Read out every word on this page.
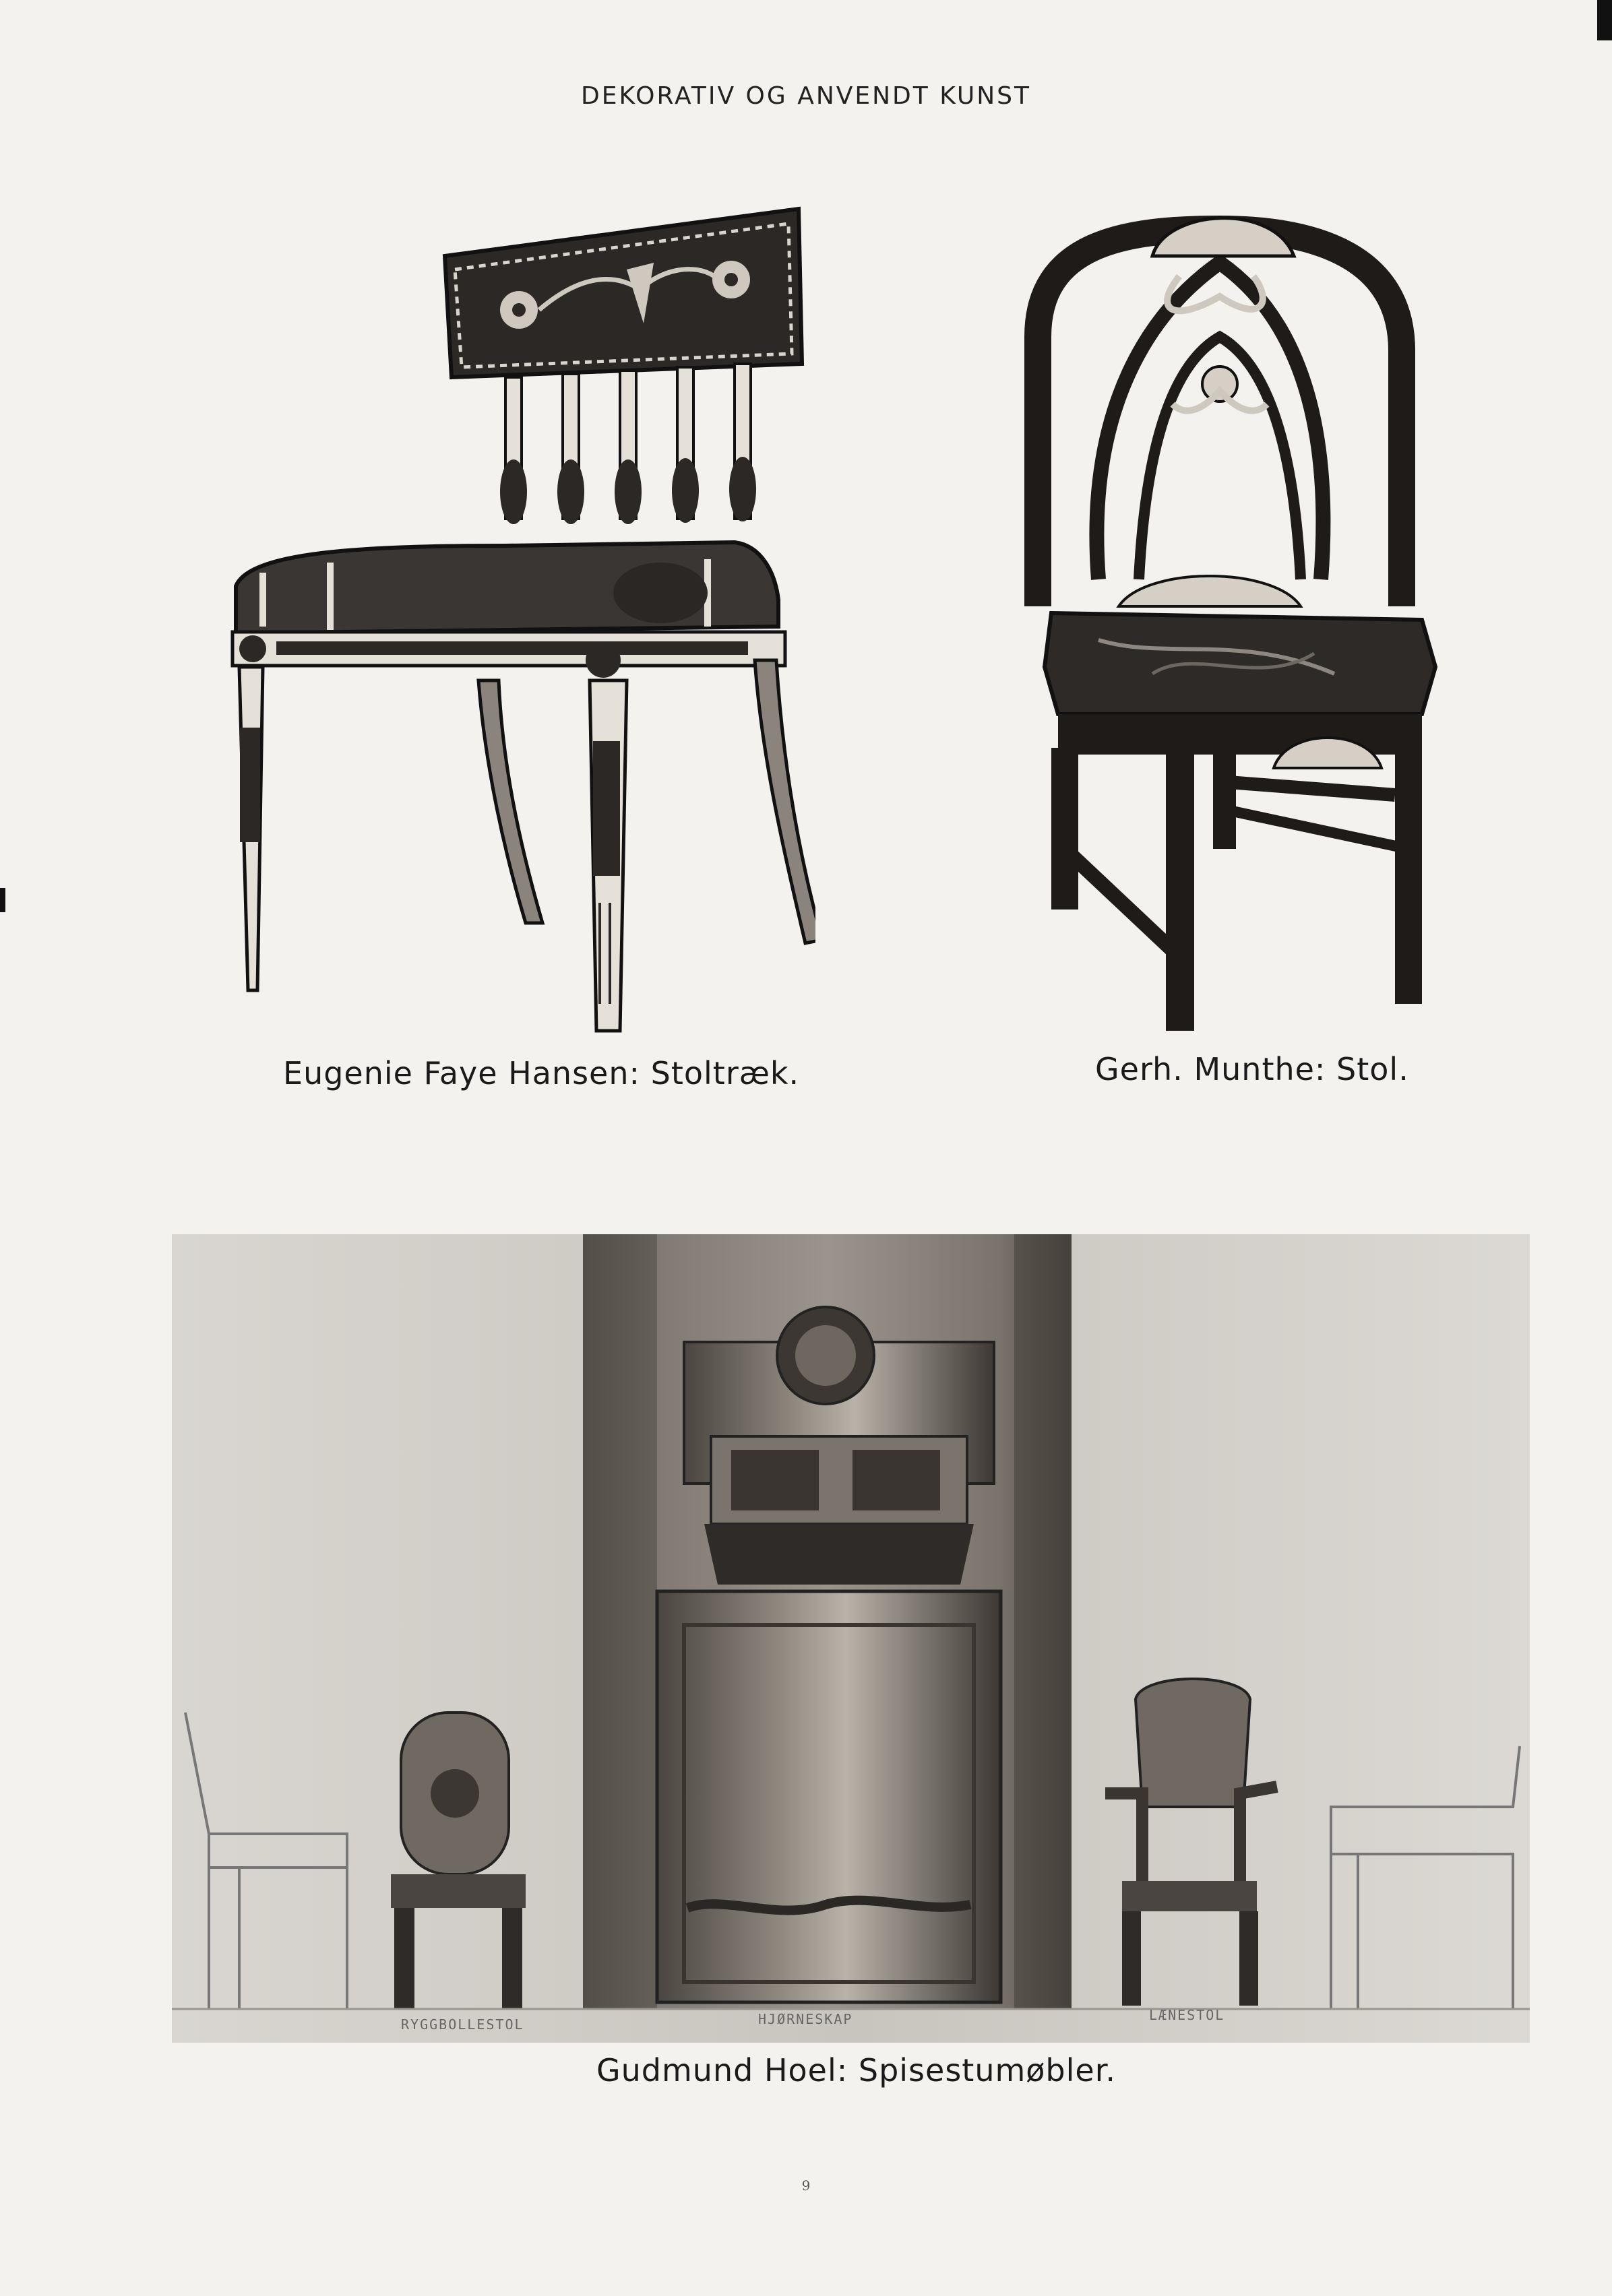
DEKORATIV OG ANVENDT KUNST
Eugenie Faye Hansen: Stoltræk.	Gerh. Munthe: Stol.
RYGGBOLLESTOL	HJØRNESKAP	LÆNESTOL
Gudmund Hoel: Spisestumøbler.
9
